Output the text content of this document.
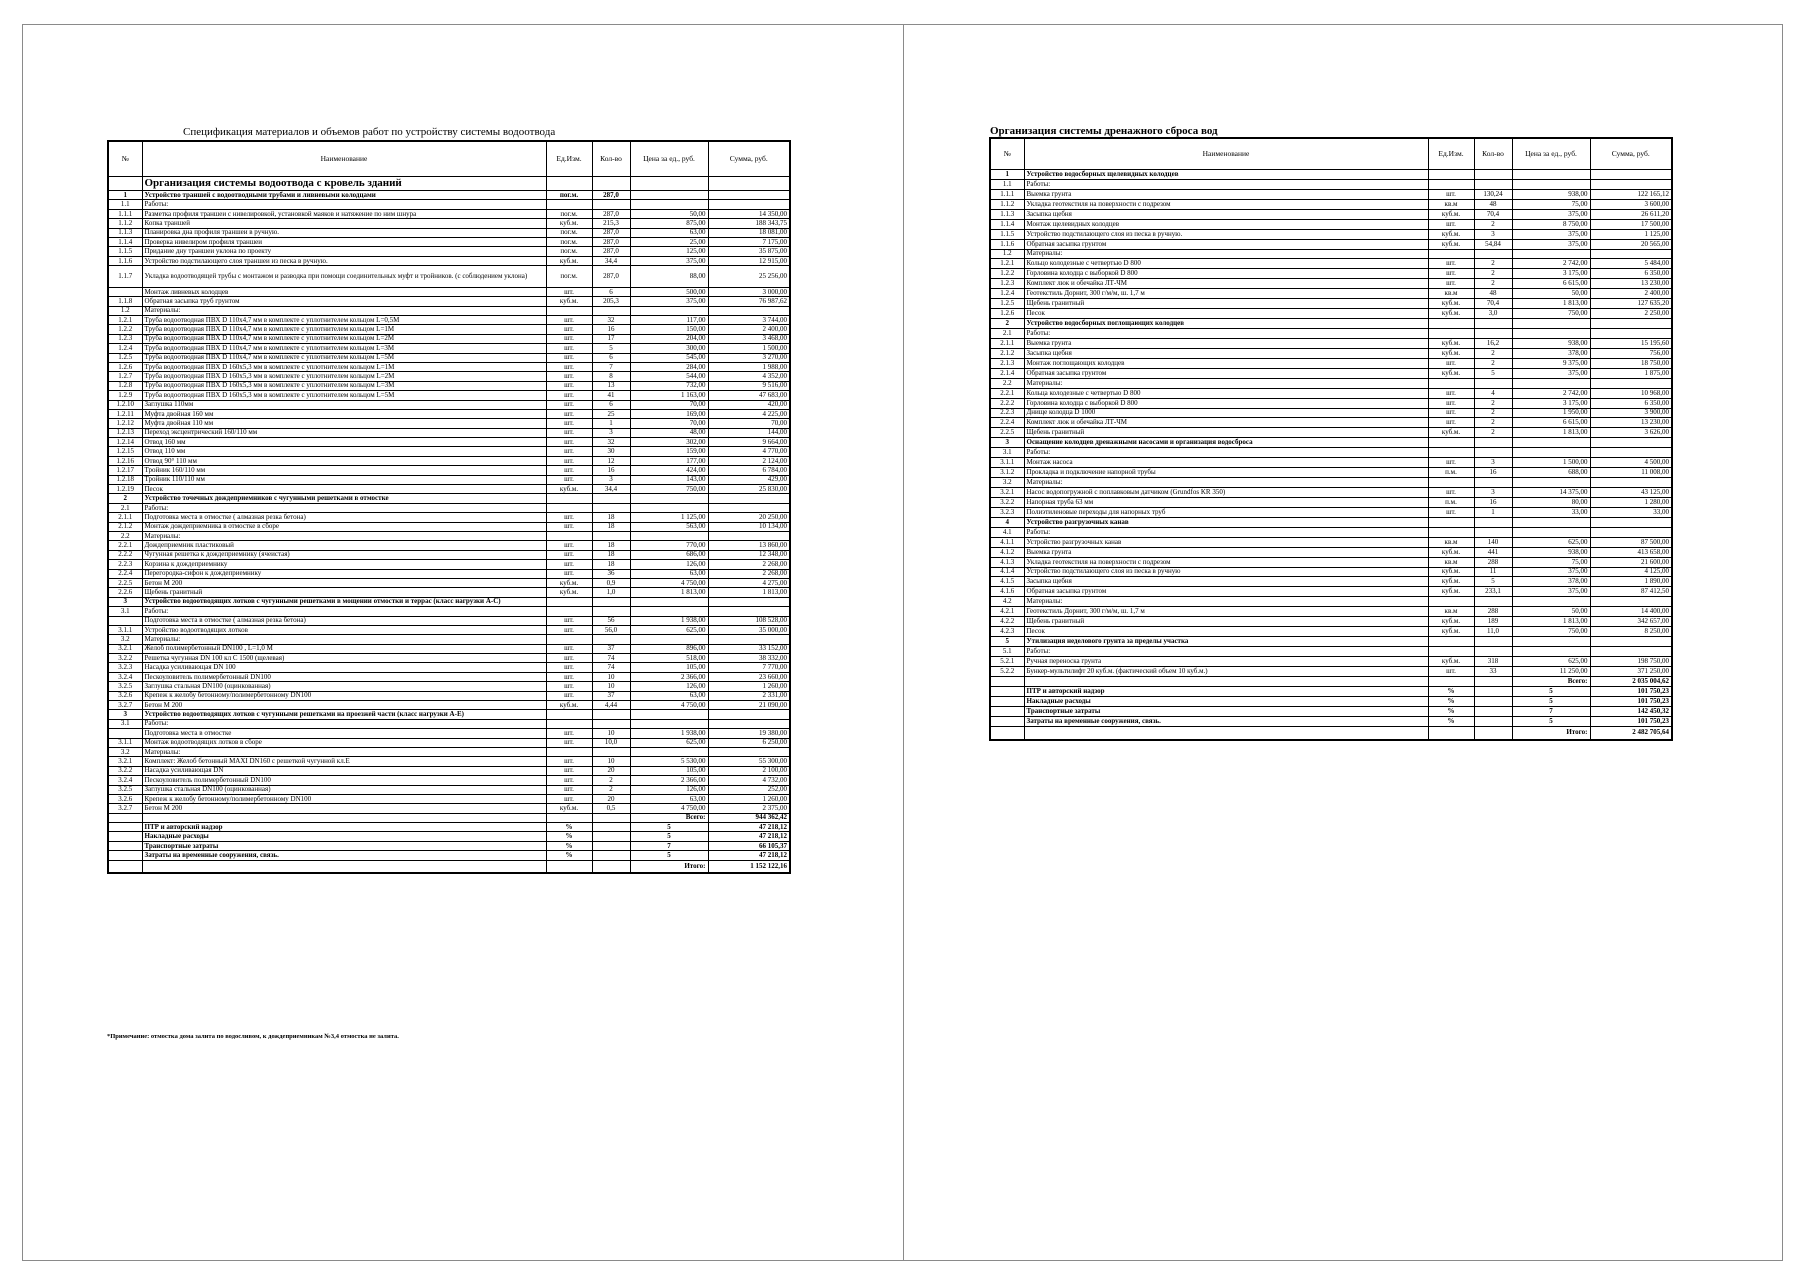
Спецификация материалов и объемов работ по устройству системы водоотвода
№	Наименование	Ед.Изм.	Кол-во	Цена за ед., руб.	Сумма, руб.
	Организация системы водоотвода с кровель зданий				
1	Устройство траншей с водоотводными трубами и ливневыми колодцами	пог.м.	287,0		
1.1	Работы:				
1.1.1	Разметка профиля траншеи с нивелировкой, установкой маяков и натяжение по ним шнура	пог.м.	287,0	50,00	14 350,00
1.1.2	Копка траншей	куб.м.	215,3	875,00	188 343,75
1.1.3	Планировка дна профиля траншеи в ручную.	пог.м.	287,0	63,00	18 081,00
1.1.4	Проверка нивелиром профиля траншеи	пог.м.	287,0	25,00	7 175,00
1.1.5	Придание дну траншеи уклона по проекту	пог.м.	287,0	125,00	35 875,00
1.1.6	Устройство подстилающего слоя траншеи из песка в ручную.	куб.м.	34,4	375,00	12 915,00
1.1.7	Укладка водоотводящей трубы с монтажом и разводка при помощи соединительных муфт и тройников. (с соблюдением уклона)	пог.м.	287,0	88,00	25 256,00
	Монтаж ливневых колодцев	шт.	6	500,00	3 000,00
1.1.8	Обратная засыпка труб грунтом	куб.м.	205,3	375,00	76 987,62
1.2	Материалы:				
1.2.1	Труба водоотводная ПВХ D 110х4,7 мм в комплекте с уплотнителем кольцом L=0,5М	шт.	32	117,00	3 744,00
1.2.2	Труба водоотводная ПВХ D 110х4,7 мм в комплекте с уплотнителем кольцом L=1М	шт.	16	150,00	2 400,00
1.2.3	Труба водоотводная ПВХ D 110х4,7 мм в комплекте с уплотнителем кольцом L=2М	шт.	17	204,00	3 468,00
1.2.4	Труба водоотводная ПВХ D 110х4,7 мм в комплекте с уплотнителем кольцом L=3М	шт.	5	300,00	1 500,00
1.2.5	Труба водоотводная ПВХ D 110х4,7 мм в комплекте с уплотнителем кольцом L=5М	шт.	6	545,00	3 270,00
1.2.6	Труба водоотводная ПВХ D 160х5,3 мм в комплекте с уплотнителем кольцом L=1М	шт.	7	284,00	1 988,00
1.2.7	Труба водоотводная ПВХ D 160х5,3 мм в комплекте с уплотнителем кольцом L=2М	шт.	8	544,00	4 352,00
1.2.8	Труба водоотводная ПВХ D 160х5,3 мм в комплекте с уплотнителем кольцом L=3М	шт.	13	732,00	9 516,00
1.2.9	Труба водоотводная ПВХ D 160х5,3 мм в комплекте с уплотнителем кольцом L=5М	шт.	41	1 163,00	47 683,00
1.2.10	Заглушка 110мм	шт.	6	70,00	420,00
1.2.11	Муфта двойная 160 мм	шт.	25	169,00	4 225,00
1.2.12	Муфта двойная 110 мм	шт.	1	70,00	70,00
1.2.13	Переход эксцентрический 160/110 мм	шт.	3	48,00	144,00
1.2.14	Отвод 160 мм	шт.	32	302,00	9 664,00
1.2.15	Отвод 110 мм	шт.	30	159,00	4 770,00
1.2.16	Отвод 90° 110 мм	шт.	12	177,00	2 124,00
1.2.17	Тройник 160/110 мм	шт.	16	424,00	6 784,00
1.2.18	Тройник 110/110 мм	шт.	3	143,00	429,00
1.2.19	Песок	куб.м.	34,4	750,00	25 830,00
2	Устройство точечных дождеприемников с чугунными решетками в отмостке				
2.1	Работы:				
2.1.1	Подготовка места в отмостке ( алмазная резка бетона)	шт.	18	1 125,00	20 250,00
2.1.2	Монтаж дождеприемника в отмостке в сборе	шт.	18	563,00	10 134,00
2.2	Материалы:				
2.2.1	Дождеприемник пластиковый	шт.	18	770,00	13 860,00
2.2.2	Чугунная решетка к дождеприемнику (ячеистая)	шт.	18	686,00	12 348,00
2.2.3	Корзина к дождеприемнику	шт.	18	126,00	2 268,00
2.2.4	Перегородка-сифон к дождеприемнику	шт.	36	63,00	2 268,00
2.2.5	Бетон М 200	куб.м.	0,9	4 750,00	4 275,00
2.2.6	Щебень гранитный	куб.м.	1,0	1 813,00	1 813,00
3	Устройство водоотводящих лотков с чугунными решетками в мощении отмостки и террас (класс нагрузки А-С)				
3.1	Работы:				
	Подготовка места в отмостке ( алмазная резка бетона)	шт.	56	1 938,00	108 528,00
3.1.1	Устройство водоотводящих лотков	шт.	56,0	625,00	35 000,00
3.2	Материалы:				
3.2.1	Желоб полимербетонный DN100 , L=1,0 М	шт.	37	896,00	33 152,00
3.2.2	Решетка чугунная DN 100 кл С 1500 (щелевая)	шт.	74	518,00	38 332,00
3.2.3	Насадка усиливающая DN 100	шт.	74	105,00	7 770,00
3.2.4	Пескоуловитель полимербетонный DN100	шт.	10	2 366,00	23 660,00
3.2.5	Заглушка стальная DN100 (оцинкованная)	шт.	10	126,00	1 260,00
3.2.6	Крепеж к желобу бетонному/полимербетонному DN100	шт.	37	63,00	2 331,00
3.2.7	Бетон М 200	куб.м.	4,44	4 750,00	21 090,00
3	Устройство водоотводящих лотков с чугунными решетками на проезжей части (класс нагрузки А-Е)				
3.1	Работы:				
	Подготовка места в отмостке	шт.	10	1 938,00	19 380,00
3.1.1	Монтаж водоотводящих лотков в сборе	шт.	10,0	625,00	6 250,00
3.2	Материалы:				
3.2.1	Комплект: Желоб бетонный MAXI DN160 с решеткой чугунной кл.Е	шт.	10	5 530,00	55 300,00
3.2.2	Насадка усиливающая DN	шт.	20	105,00	2 100,00
3.2.4	Пескоуловитель полимербетонный DN100	шт.	2	2 366,00	4 732,00
3.2.5	Заглушка стальная DN100 (оцинкованная)	шт.	2	126,00	252,00
3.2.6	Крепеж к желобу бетонному/полимербетонному DN100	шт.	20	63,00	1 260,00
3.2.7	Бетон М 200	куб.м.	0,5	4 750,00	2 375,00
				Всего:	944 362,42
	ПТР и авторский надзор	%		5	47 218,12
	Накладные расходы	%		5	47 218,12
	Транспортные затраты	%		7	66 105,37
	Затраты на временные сооружения, связь.	%		5	47 218,12
				Итого:	1 152 122,16
*Примечание: отмостка дома залита по водосливом, к дождеприемникам №3,4 отмостка не залита.
Организация системы дренажного сброса вод
№	Наименование	Ед.Изм.	Кол-во	Цена за ед., руб.	Сумма, руб.
1	Устройство водосборных щелевидных колодцев				
1.1	Работы:				
1.1.1	Выемка грунта	шт.	130,24	938,00	122 165,12
1.1.2	Укладка геотекстиля на поверхности с подрезом	кв.м	48	75,00	3 600,00
1.1.3	Засыпка щебня	куб.м.	70,4	375,00	26 611,20
1.1.4	Монтаж щелевидных колодцев	шт.	2	8 750,00	17 500,00
1.1.5	Устройство подстилающего слоя из песка в ручную.	куб.м.	3	375,00	1 125,00
1.1.6	Обратная засыпка грунтом	куб.м.	54,84	375,00	20 565,00
1.2	Материалы:				
1.2.1	Кольцо колодезные с четвертью D 800	шт.	2	2 742,00	5 484,00
1.2.2	Горловина колодца с выборкой D 800	шт.	2	3 175,00	6 350,00
1.2.3	Комплект люк и обечайка ЛТ-ЧМ	шт.	2	6 615,00	13 230,00
1.2.4	Геотекстиль Дорнит, 300 г/м/м, ш. 1,7 м	кв.м	48	50,00	2 400,00
1.2.5	Щебень гранитный	куб.м.	70,4	1 813,00	127 635,20
1.2.6	Песок	куб.м.	3,0	750,00	2 250,00
2	Устройство водосборных поглощающих колодцев				
2.1	Работы:				
2.1.1	Выемка грунта	куб.м.	16,2	938,00	15 195,60
2.1.2	Засыпка щебня	куб.м.	2	378,00	756,00
2.1.3	Монтаж поглощающих колодцев	шт.	2	9 375,00	18 750,00
2.1.4	Обратная засыпка грунтом	куб.м.	5	375,00	1 875,00
2.2	Материалы:				
2.2.1	Кольца колодезные с четвертью D 800	шт.	4	2 742,00	10 968,00
2.2.2	Горловина колодца с выборкой D 800	шт.	2	3 175,00	6 350,00
2.2.3	Днище колодца D 1000	шт.	2	1 950,00	3 900,00
2.2.4	Комплект люк и обечайка ЛТ-ЧМ	шт.	2	6 615,00	13 230,00
2.2.5	Щебень гранитный	куб.м.	2	1 813,00	3 626,00
3	Оснащение колодцев дренажными насосами и организация водосброса				
3.1	Работы:				
3.1.1	Монтаж насоса	шт.	3	1 500,00	4 500,00
3.1.2	Прокладка и подключение напорной трубы	п.м.	16	688,00	11 008,00
3.2	Материалы:				
3.2.1	Насос водопогружной с поплавковым датчиком (Grundfos KR 350)	шт.	3	14 375,00	43 125,00
3.2.2	Напорная труба 63 мм	п.м.	16	80,00	1 280,00
3.2.3	Полиэтиленовые переходы для напорных труб	шт.	1	33,00	33,00
4	Устройство разгрузочных канав				
4.1	Работы:				
4.1.1	Устройство разгрузочных канав	кв.м	140	625,00	87 500,00
4.1.2	Выемка грунта	куб.м.	441	938,00	413 658,00
4.1.3	Укладка геотекстиля на поверхности с подрезом	кв.м	288	75,00	21 600,00
4.1.4	Устройство подстилающего слоя из песка в ручную	куб.м.	11	375,00	4 125,00
4.1.5	Засыпка щебня	куб.м.	5	378,00	1 890,00
4.1.6	Обратная засыпка грунтом	куб.м.	233,1	375,00	87 412,50
4.2	Материалы:				
4.2.1	Геотекстиль Дорнит, 300 г/м/м, ш. 1,7 м	кв.м	288	50,00	14 400,00
4.2.2	Щебень гранитный	куб.м.	189	1 813,00	342 657,00
4.2.3	Песок	куб.м.	11,0	750,00	8 250,00
5	Утилизация неделового грунта за пределы участка				
5.1	Работы:				
5.2.1	Ручная переноска грунта	куб.м.	318	625,00	198 750,00
5.2.2	Бункер-мультилифт 20 куб.м. (фактический объем 10 куб.м.)	шт.	33	11 250,00	371 250,00
				Всего:	2 035 004,62
	ПТР и авторский надзор	%		5	101 750,23
	Накладные расходы	%		5	101 750,23
	Транспортные затраты	%		7	142 450,32
	Затраты на временные сооружения, связь.	%		5	101 750,23
				Итого:	2 482 705,64
